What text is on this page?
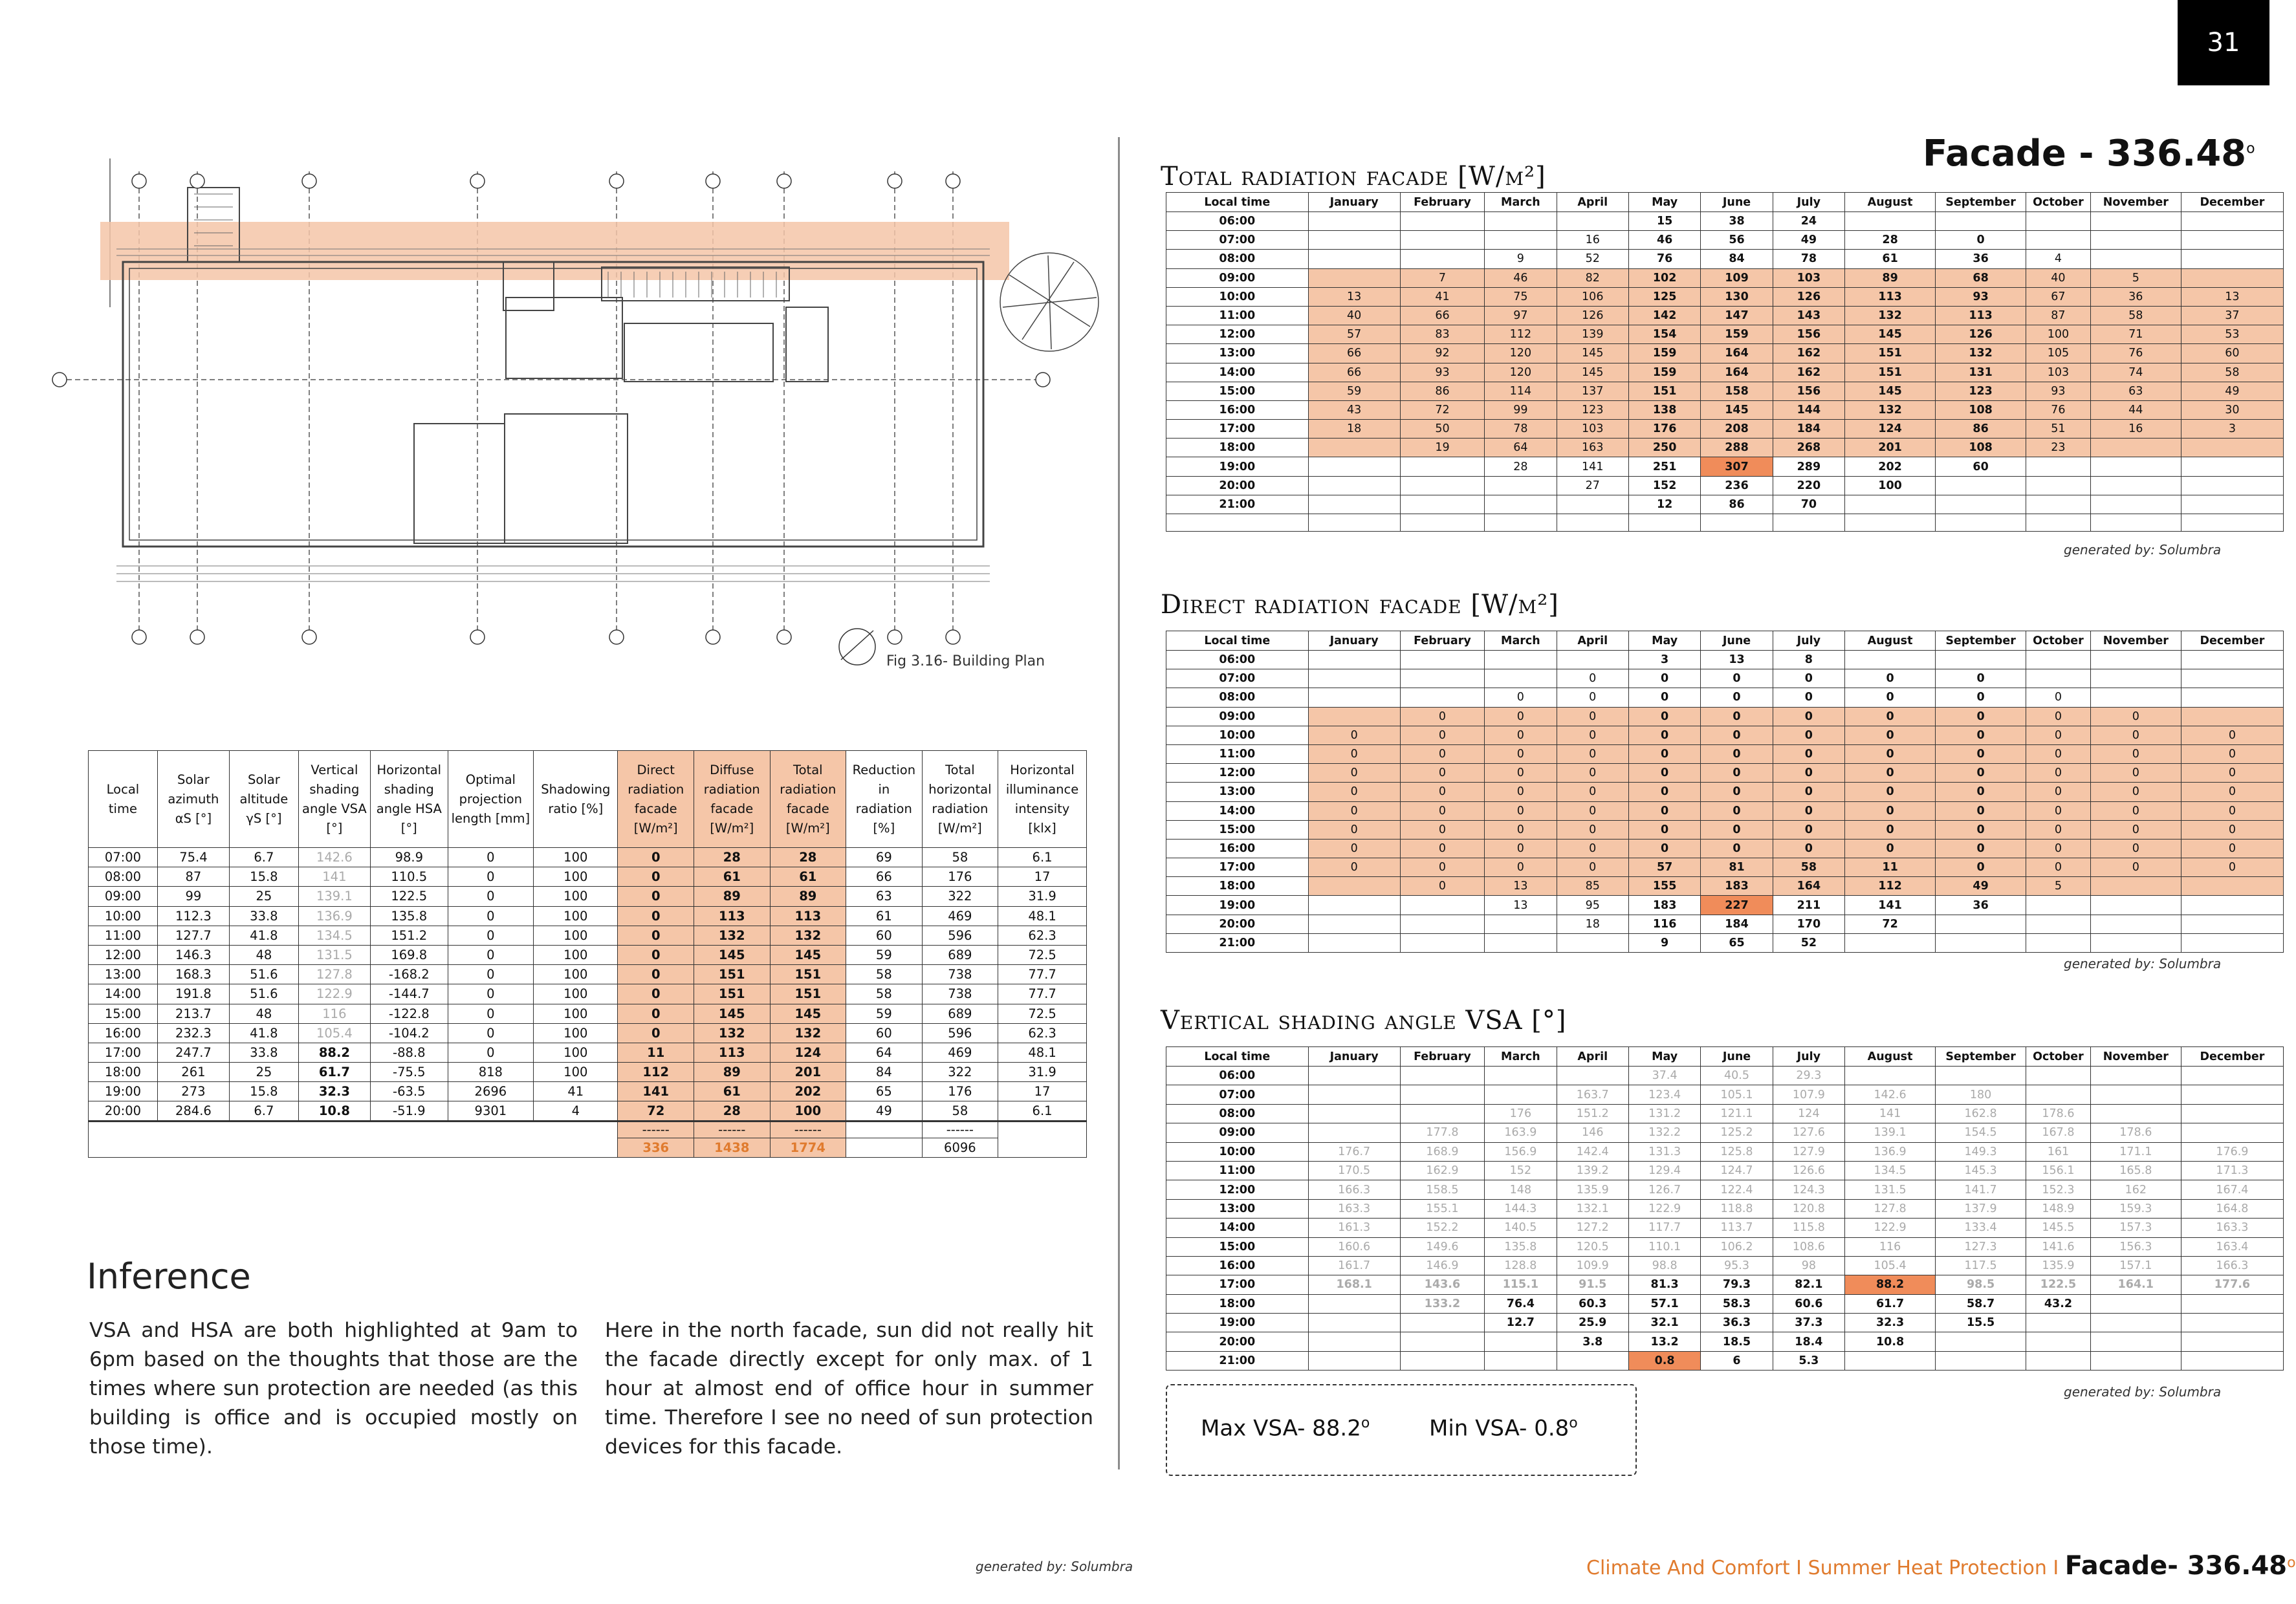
31
Fig 3.16- Building Plan
Facade - 336.48$^o$
Total radiation facade [W/m²]
Local time	January	February	March	April	May	June	July	August	September	October	November	December
06:00					15	38	24					
07:00				16	46	56	49	28	0			
08:00			9	52	76	84	78	61	36	4		
09:00		7	46	82	102	109	103	89	68	40	5	
10:00	13	41	75	106	125	130	126	113	93	67	36	13
11:00	40	66	97	126	142	147	143	132	113	87	58	37
12:00	57	83	112	139	154	159	156	145	126	100	71	53
13:00	66	92	120	145	159	164	162	151	132	105	76	60
14:00	66	93	120	145	159	164	162	151	131	103	74	58
15:00	59	86	114	137	151	158	156	145	123	93	63	49
16:00	43	72	99	123	138	145	144	132	108	76	44	30
17:00	18	50	78	103	176	208	184	124	86	51	16	3
18:00		19	64	163	250	288	268	201	108	23		
19:00			28	141	251	307	289	202	60			
20:00				27	152	236	220	100				
21:00					12	86	70					

generated by: Solumbra
Direct radiation facade [W/m²]
Local time	January	February	March	April	May	June	July	August	September	October	November	December
06:00					3	13	8					
07:00				0	0	0	0	0	0			
08:00			0	0	0	0	0	0	0	0		
09:00		0	0	0	0	0	0	0	0	0	0	
10:00	0	0	0	0	0	0	0	0	0	0	0	0
11:00	0	0	0	0	0	0	0	0	0	0	0	0
12:00	0	0	0	0	0	0	0	0	0	0	0	0
13:00	0	0	0	0	0	0	0	0	0	0	0	0
14:00	0	0	0	0	0	0	0	0	0	0	0	0
15:00	0	0	0	0	0	0	0	0	0	0	0	0
16:00	0	0	0	0	0	0	0	0	0	0	0	0
17:00	0	0	0	0	57	81	58	11	0	0	0	0
18:00		0	13	85	155	183	164	112	49	5		
19:00			13	95	183	227	211	141	36			
20:00				18	116	184	170	72				
21:00					9	65	52					
generated by: Solumbra
Vertical shading angle VSA [°]
Local time	January	February	March	April	May	June	July	August	September	October	November	December
06:00					37.4	40.5	29.3					
07:00				163.7	123.4	105.1	107.9	142.6	180			
08:00			176	151.2	131.2	121.1	124	141	162.8	178.6		
09:00		177.8	163.9	146	132.2	125.2	127.6	139.1	154.5	167.8	178.6	
10:00	176.7	168.9	156.9	142.4	131.3	125.8	127.9	136.9	149.3	161	171.1	176.9
11:00	170.5	162.9	152	139.2	129.4	124.7	126.6	134.5	145.3	156.1	165.8	171.3
12:00	166.3	158.5	148	135.9	126.7	122.4	124.3	131.5	141.7	152.3	162	167.4
13:00	163.3	155.1	144.3	132.1	122.9	118.8	120.8	127.8	137.9	148.9	159.3	164.8
14:00	161.3	152.2	140.5	127.2	117.7	113.7	115.8	122.9	133.4	145.5	157.3	163.3
15:00	160.6	149.6	135.8	120.5	110.1	106.2	108.6	116	127.3	141.6	156.3	163.4
16:00	161.7	146.9	128.8	109.9	98.8	95.3	98	105.4	117.5	135.9	157.1	166.3
17:00	168.1	143.6	115.1	91.5	81.3	79.3	82.1	88.2	98.5	122.5	164.1	177.6
18:00		133.2	76.4	60.3	57.1	58.3	60.6	61.7	58.7	43.2		
19:00			12.7	25.9	32.1	36.3	37.3	32.3	15.5			
20:00				3.8	13.2	18.5	18.4	10.8				
21:00					0.8	6	5.3					
generated by: Solumbra
Max VSA- 88.2$^o$	Min VSA- 0.8$^o$
Local time	Solar azimuth αS [°]	Solar altitude γS [°]	Vertical shading angle VSA [°]	Horizontal shading angle HSA [°]	Optimal projection length [mm]	Shadowing ratio [%]	Direct radiation facade [W/m²]	Diffuse radiation facade [W/m²]	Total radiation facade [W/m²]	Reduction in radiation [%]	Total horizontal radiation [W/m²]	Horizontal illuminance intensity [klx]
07:00	75.4	6.7	142.6	98.9	0	100	0	28	28	69	58	6.1
08:00	87	15.8	141	110.5	0	100	0	61	61	66	176	17
09:00	99	25	139.1	122.5	0	100	0	89	89	63	322	31.9
10:00	112.3	33.8	136.9	135.8	0	100	0	113	113	61	469	48.1
11:00	127.7	41.8	134.5	151.2	0	100	0	132	132	60	596	62.3
12:00	146.3	48	131.5	169.8	0	100	0	145	145	59	689	72.5
13:00	168.3	51.6	127.8	-168.2	0	100	0	151	151	58	738	77.7
14:00	191.8	51.6	122.9	-144.7	0	100	0	151	151	58	738	77.7
15:00	213.7	48	116	-122.8	0	100	0	145	145	59	689	72.5
16:00	232.3	41.8	105.4	-104.2	0	100	0	132	132	60	596	62.3
17:00	247.7	33.8	88.2	-88.8	0	100	11	113	124	64	469	48.1
18:00	261	25	61.7	-75.5	818	100	112	89	201	84	322	31.9
19:00	273	15.8	32.3	-63.5	2696	41	141	61	202	65	176	17
20:00	284.6	6.7	10.8	-51.9	9301	4	72	28	100	49	58	6.1
							------	------	------		------	
							336	1438	1774		6096	
Inference
VSA and HSA are both highlighted at 9am to 6pm based on the thoughts that those are the times where sun protection are needed (as this building is office and is occupied mostly on those time).
Here in the north facade, sun did not really hit the facade directly except for only max. of 1 hour at almost end of office hour in summer time. Therefore I see no need of sun protection devices for this facade.
generated by: Solumbra	Climate And Comfort I Summer Heat Protection I Facade- 336.48$^o$
